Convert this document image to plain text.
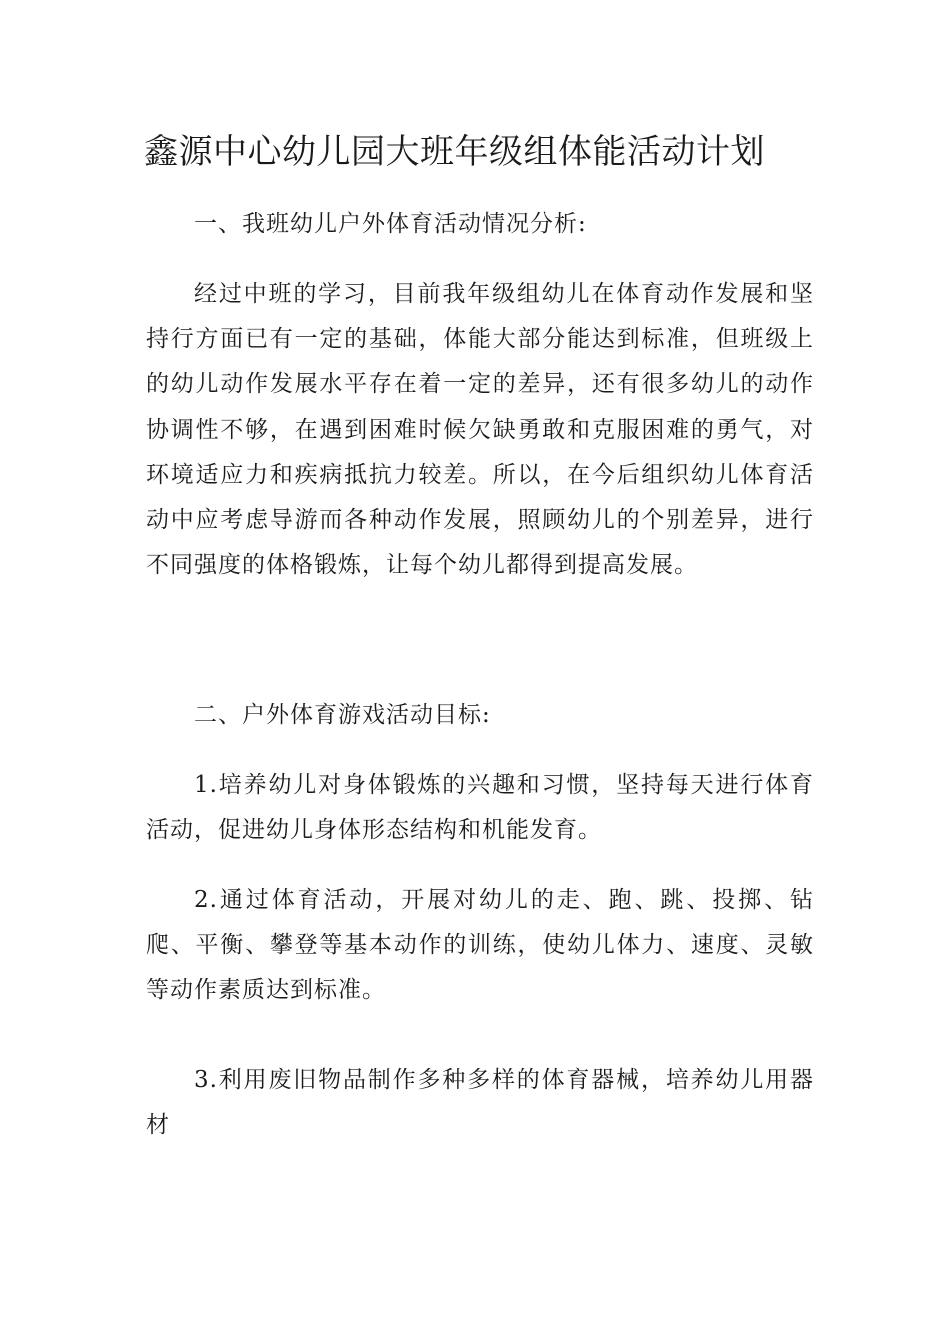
鑫源中心幼儿园大班年级组体能活动计划

一、我班幼儿户外体育活动情况分析:

经过中班的学习，目前我年级组幼儿在体育动作发展和坚持行方面已有一定的基础，体能大部分能达到标准，但班级上的幼儿动作发展水平存在着一定的差异，还有很多幼儿的动作协调性不够，在遇到困难时候欠缺勇敢和克服困难的勇气，对环境适应力和疾病抵抗力较差。所以，在今后组织幼儿体育活动中应考虑导游而各种动作发展，照顾幼儿的个别差异，进行不同强度的体格锻炼，让每个幼儿都得到提高发展。

二、户外体育游戏活动目标:

1.培养幼儿对身体锻炼的兴趣和习惯，坚持每天进行体育活动，促进幼儿身体形态结构和机能发育。

2.通过体育活动，开展对幼儿的走、跑、跳、投掷、钻爬、平衡、攀登等基本动作的训练，使幼儿体力、速度、灵敏等动作素质达到标准。

3.利用废旧物品制作多种多样的体育器械，培养幼儿用器材
